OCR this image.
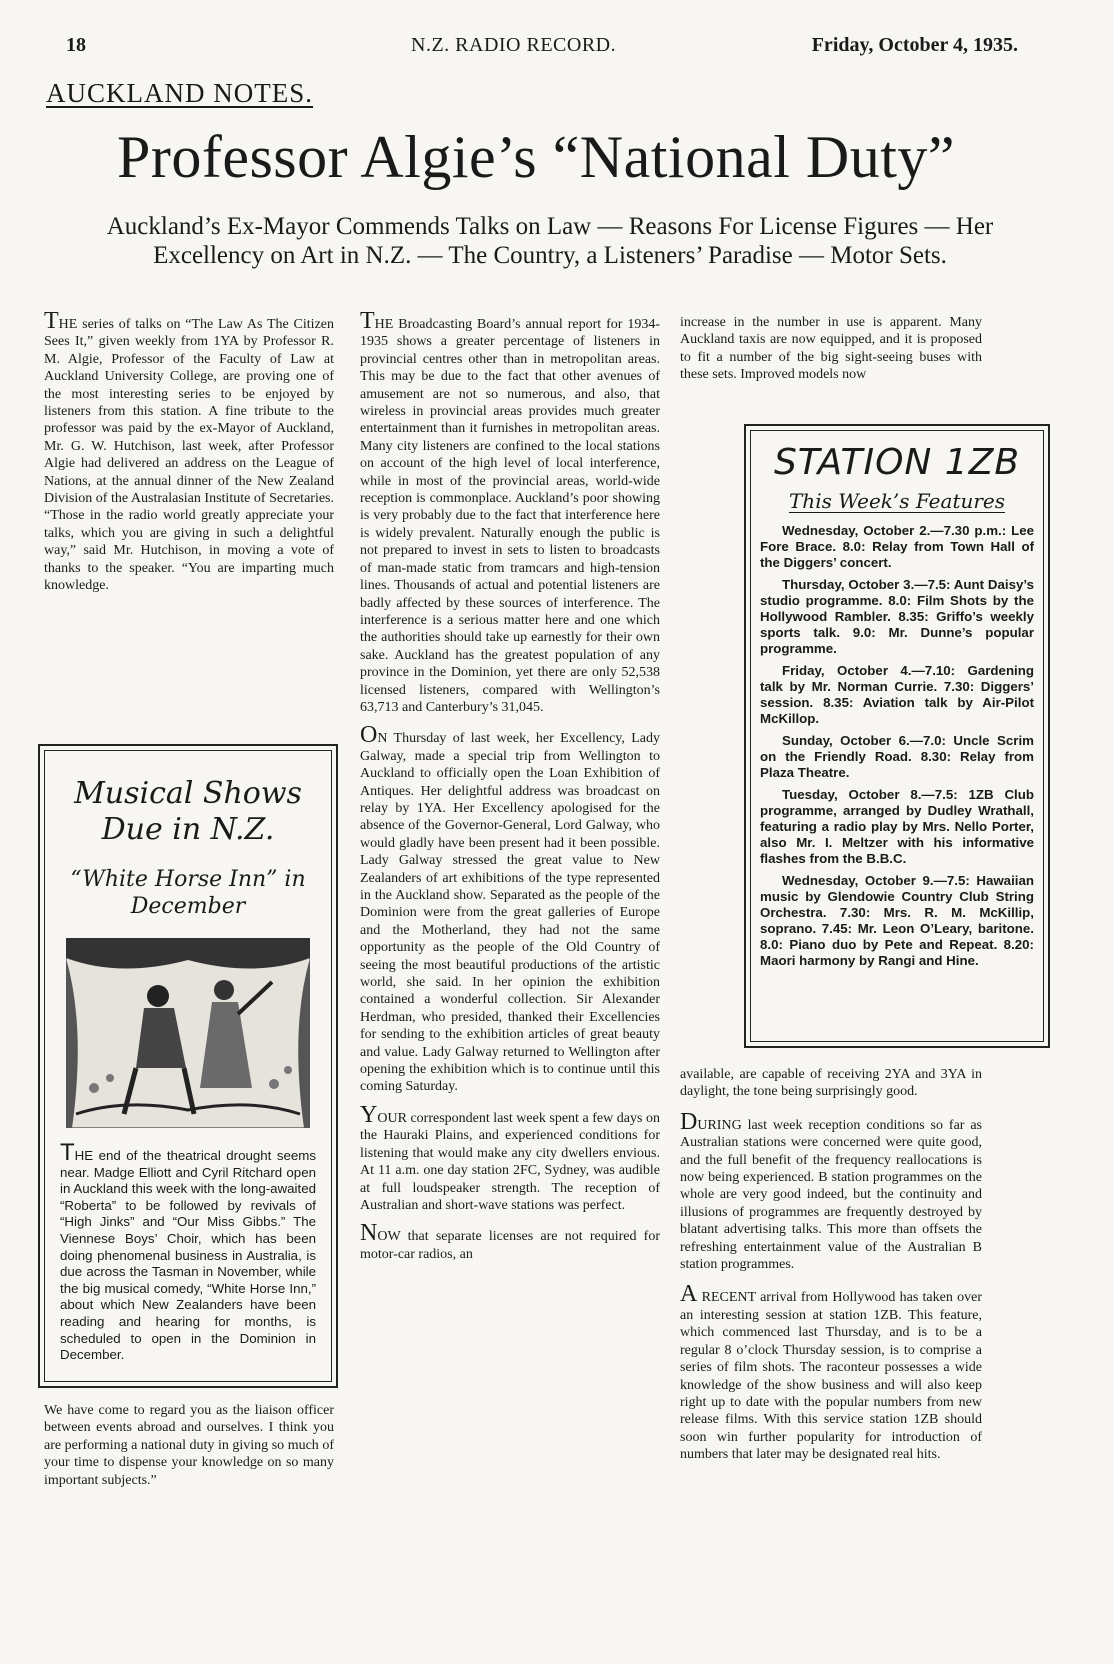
18	N.Z. RADIO RECORD.	Friday, October 4, 1935.
AUCKLAND NOTES.
Professor Algie’s “National Duty”

Auckland’s Ex-Mayor Commends Talks on Law — Reasons For License Figures — Her Excellency on Art in N.Z. — The Country, a Listeners’ Paradise — Motor Sets.

THE series of talks on “The Law As The Citizen Sees It,” given weekly from 1YA by Professor R. M. Algie, Professor of the Faculty of Law at Auckland University College, are proving one of the most interesting series to be enjoyed by listeners from this station. A fine tribute to the professor was paid by the ex-Mayor of Auckland, Mr. G. W. Hutchison, last week, after Professor Algie had delivered an address on the League of Nations, at the annual dinner of the New Zealand Division of the Australasian Institute of Secretaries. “Those in the radio world greatly appreciate your talks, which you are giving in such a delightful way,” said Mr. Hutchison, in moving a vote of thanks to the speaker. “You are imparting much knowledge.

Musical Shows Due in N.Z.
“White Horse Inn” in December
THE end of the theatrical drought seems near. Madge Elliott and Cyril Ritchard open in Auckland this week with the long-awaited “Roberta” to be followed by revivals of “High Jinks” and “Our Miss Gibbs.” The Viennese Boys’ Choir, which has been doing phenomenal business in Australia, is due across the Tasman in November, while the big musical comedy, “White Horse Inn,” about which New Zealanders have been reading and hearing for months, is scheduled to open in the Dominion in December.

We have come to regard you as the liaison officer between events abroad and ourselves. I think you are performing a national duty in giving so much of your time to dispense your knowledge on so many important subjects.”

THE Broadcasting Board’s annual report for 1934-1935 shows a greater percentage of listeners in provincial centres other than in metropolitan areas. This may be due to the fact that other avenues of amusement are not so numerous, and also, that wireless in provincial areas provides much greater entertainment than it furnishes in metropolitan areas. Many city listeners are confined to the local stations on account of the high level of local interference, while in most of the provincial areas, world-wide reception is commonplace. Auckland’s poor showing is very probably due to the fact that interference here is widely prevalent. Naturally enough the public is not prepared to invest in sets to listen to broadcasts of man-made static from tramcars and high-tension lines. Thousands of actual and potential listeners are badly affected by these sources of interference. The interference is a serious matter here and one which the authorities should take up earnestly for their own sake. Auckland has the greatest population of any province in the Dominion, yet there are only 52,538 licensed listeners, compared with Wellington’s 63,713 and Canterbury’s 31,045.

ON Thursday of last week, her Excellency, Lady Galway, made a special trip from Wellington to Auckland to officially open the Loan Exhibition of Antiques. Her delightful address was broadcast on relay by 1YA. Her Excellency apologised for the absence of the Governor-General, Lord Galway, who would gladly have been present had it been possible. Lady Galway stressed the great value to New Zealanders of art exhibitions of the type represented in the Auckland show. Separated as the people of the Dominion were from the great galleries of Europe and the Motherland, they had not the same opportunity as the people of the Old Country of seeing the most beautiful productions of the artistic world, she said. In her opinion the exhibition contained a wonderful collection. Sir Alexander Herdman, who presided, thanked their Excellencies for sending to the exhibition articles of great beauty and value. Lady Galway returned to Wellington after opening the exhibition which is to continue until this coming Saturday.

YOUR correspondent last week spent a few days on the Hauraki Plains, and experienced conditions for listening that would make any city dwellers envious. At 11 a.m. one day station 2FC, Sydney, was audible at full loudspeaker strength. The reception of Australian and short-wave stations was perfect.

NOW that separate licenses are not required for motor-car radios, an

increase in the number in use is apparent. Many Auckland taxis are now equipped, and it is proposed to fit a number of the big sight-seeing buses with these sets. Improved models now

STATION 1ZB
This Week’s Features

Wednesday, October 2.—7.30 p.m.: Lee Fore Brace. 8.0: Relay from Town Hall of the Diggers’ concert.

Thursday, October 3.—7.5: Aunt Daisy’s studio programme. 8.0: Film Shots by the Hollywood Rambler. 8.35: Griffo’s weekly sports talk. 9.0: Mr. Dunne’s popular programme.

Friday, October 4.—7.10: Gardening talk by Mr. Norman Currie. 7.30: Diggers’ session. 8.35: Aviation talk by Air-Pilot McKillop.

Sunday, October 6.—7.0: Uncle Scrim on the Friendly Road. 8.30: Relay from Plaza Theatre.

Tuesday, October 8.—7.5: 1ZB Club programme, arranged by Dudley Wrathall, featuring a radio play by Mrs. Nello Porter, also Mr. I. Meltzer with his informative flashes from the B.B.C.

Wednesday, October 9.—7.5: Hawaiian music by Glendowie Country Club String Orchestra. 7.30: Mrs. R. M. McKillip, soprano. 7.45: Mr. Leon O’Leary, baritone. 8.0: Piano duo by Pete and Repeat. 8.20: Maori harmony by Rangi and Hine.

available, are capable of receiving 2YA and 3YA in daylight, the tone being surprisingly good.

DURING last week reception conditions so far as Australian stations were concerned were quite good, and the full benefit of the frequency reallocations is now being experienced. B station programmes on the whole are very good indeed, but the continuity and illusions of programmes are frequently destroyed by blatant advertising talks. This more than offsets the refreshing entertainment value of the Australian B station programmes.

A RECENT arrival from Hollywood has taken over an interesting session at station 1ZB. This feature, which commenced last Thursday, and is to be a regular 8 o’clock Thursday session, is to comprise a series of film shots. The raconteur possesses a wide knowledge of the show business and will also keep right up to date with the popular numbers from new release films. With this service station 1ZB should soon win further popularity for introduction of numbers that later may be designated real hits.
